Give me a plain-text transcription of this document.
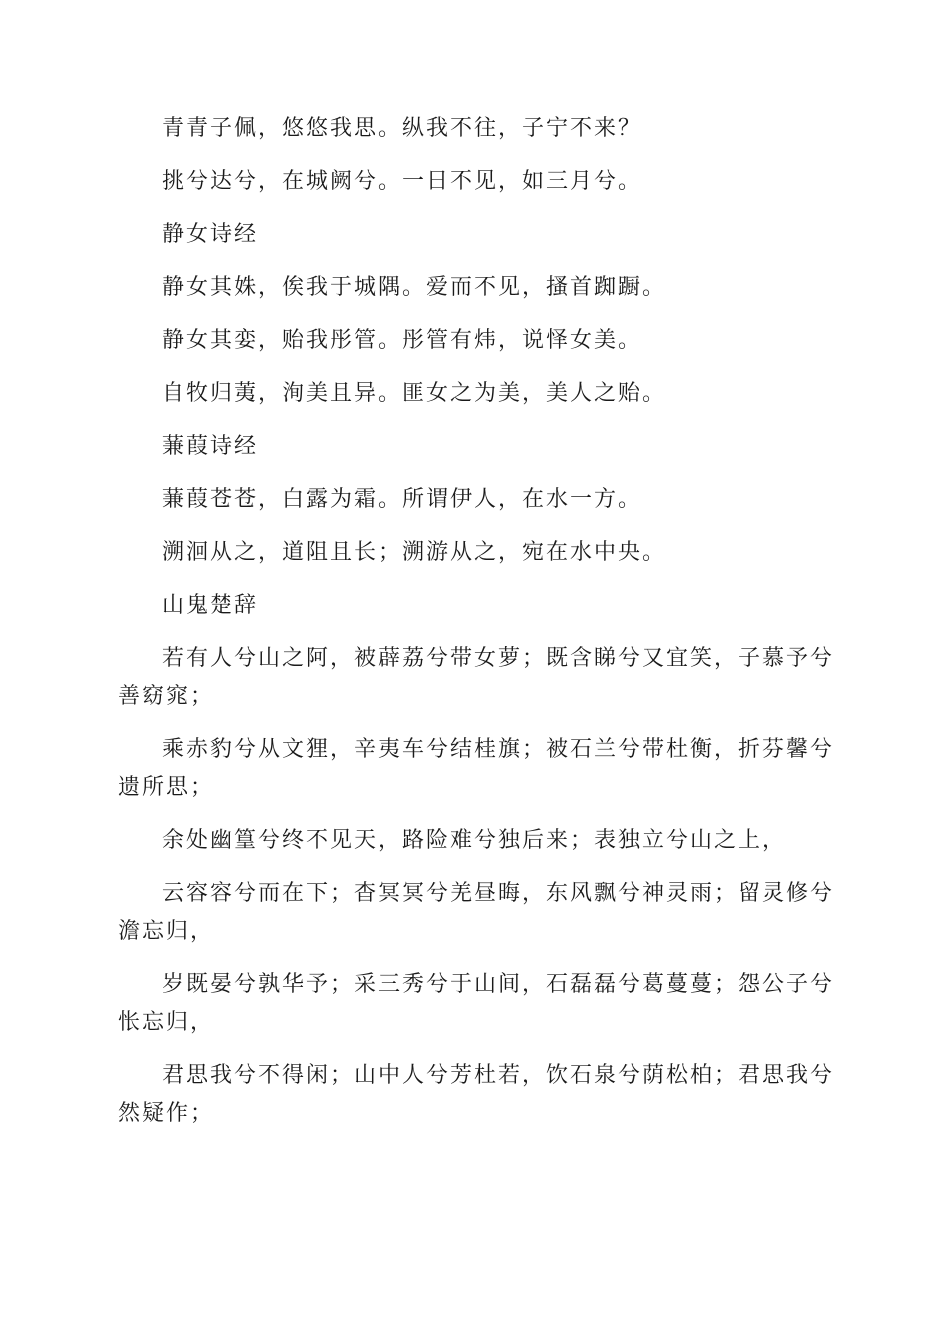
青青子佩，悠悠我思。纵我不往，子宁不来？

挑兮达兮，在城阙兮。一日不见，如三月兮。

静女诗经

静女其姝，俟我于城隅。爱而不见，搔首踟蹰。

静女其娈，贻我彤管。彤管有炜，说怿女美。

自牧归荑，洵美且异。匪女之为美，美人之贻。

蒹葭诗经

蒹葭苍苍，白露为霜。所谓伊人，在水一方。

溯洄从之，道阻且长；溯游从之，宛在水中央。

山鬼楚辞

若有人兮山之阿，被薜荔兮带女萝；既含睇兮又宜笑，子慕予兮善窈窕；

乘赤豹兮从文狸，辛夷车兮结桂旗；被石兰兮带杜衡，折芬馨兮遗所思；

余处幽篁兮终不见天，路险难兮独后来；表独立兮山之上，

云容容兮而在下；杳冥冥兮羌昼晦，东风飘兮神灵雨；留灵修兮澹忘归，

岁既晏兮孰华予；采三秀兮于山间，石磊磊兮葛蔓蔓；怨公子兮怅忘归，

君思我兮不得闲；山中人兮芳杜若，饮石泉兮荫松柏；君思我兮然疑作；
